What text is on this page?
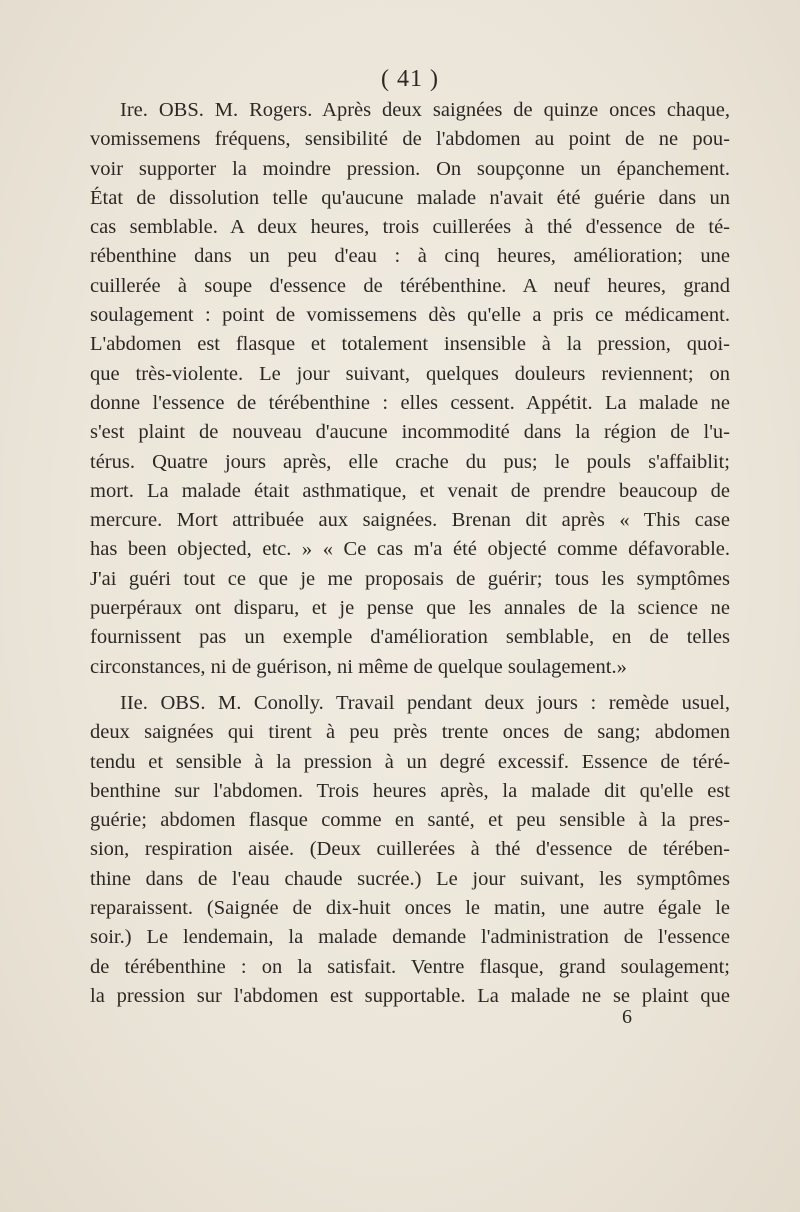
( 41 )
Ire. OBS. M. Rogers. Après deux saignées de quinze onces chaque,
vomissemens fréquens, sensibilité de l'abdomen au point de ne pou-
voir supporter la moindre pression. On soupçonne un épanchement.
État de dissolution telle qu'aucune malade n'avait été guérie dans un
cas semblable. A deux heures, trois cuillerées à thé d'essence de té-
rébenthine dans un peu d'eau : à cinq heures, amélioration; une
cuillerée à soupe d'essence de térébenthine. A neuf heures, grand
soulagement : point de vomissemens dès qu'elle a pris ce médicament.
L'abdomen est flasque et totalement insensible à la pression, quoi-
que très-violente. Le jour suivant, quelques douleurs reviennent; on
donne l'essence de térébenthine : elles cessent. Appétit. La malade ne
s'est plaint de nouveau d'aucune incommodité dans la région de l'u-
térus. Quatre jours après, elle crache du pus; le pouls s'affaiblit;
mort. La malade était asthmatique, et venait de prendre beaucoup de
mercure. Mort attribuée aux saignées. Brenan dit après « This case
has been objected, etc. » « Ce cas m'a été objecté comme défavorable.
J'ai guéri tout ce que je me proposais de guérir; tous les symptômes
puerpéraux ont disparu, et je pense que les annales de la science ne
fournissent pas un exemple d'amélioration semblable, en de telles
circonstances, ni de guérison, ni même de quelque soulagement.»
IIe. OBS. M. Conolly. Travail pendant deux jours : remède usuel,
deux saignées qui tirent à peu près trente onces de sang; abdomen
tendu et sensible à la pression à un degré excessif. Essence de téré-
benthine sur l'abdomen. Trois heures après, la malade dit qu'elle est
guérie; abdomen flasque comme en santé, et peu sensible à la pres-
sion, respiration aisée. (Deux cuillerées à thé d'essence de térében-
thine dans de l'eau chaude sucrée.) Le jour suivant, les symptômes
reparaissent. (Saignée de dix-huit onces le matin, une autre égale le
soir.) Le lendemain, la malade demande l'administration de l'essence
de térébenthine : on la satisfait. Ventre flasque, grand soulagement;
la pression sur l'abdomen est supportable. La malade ne se plaint que
6
